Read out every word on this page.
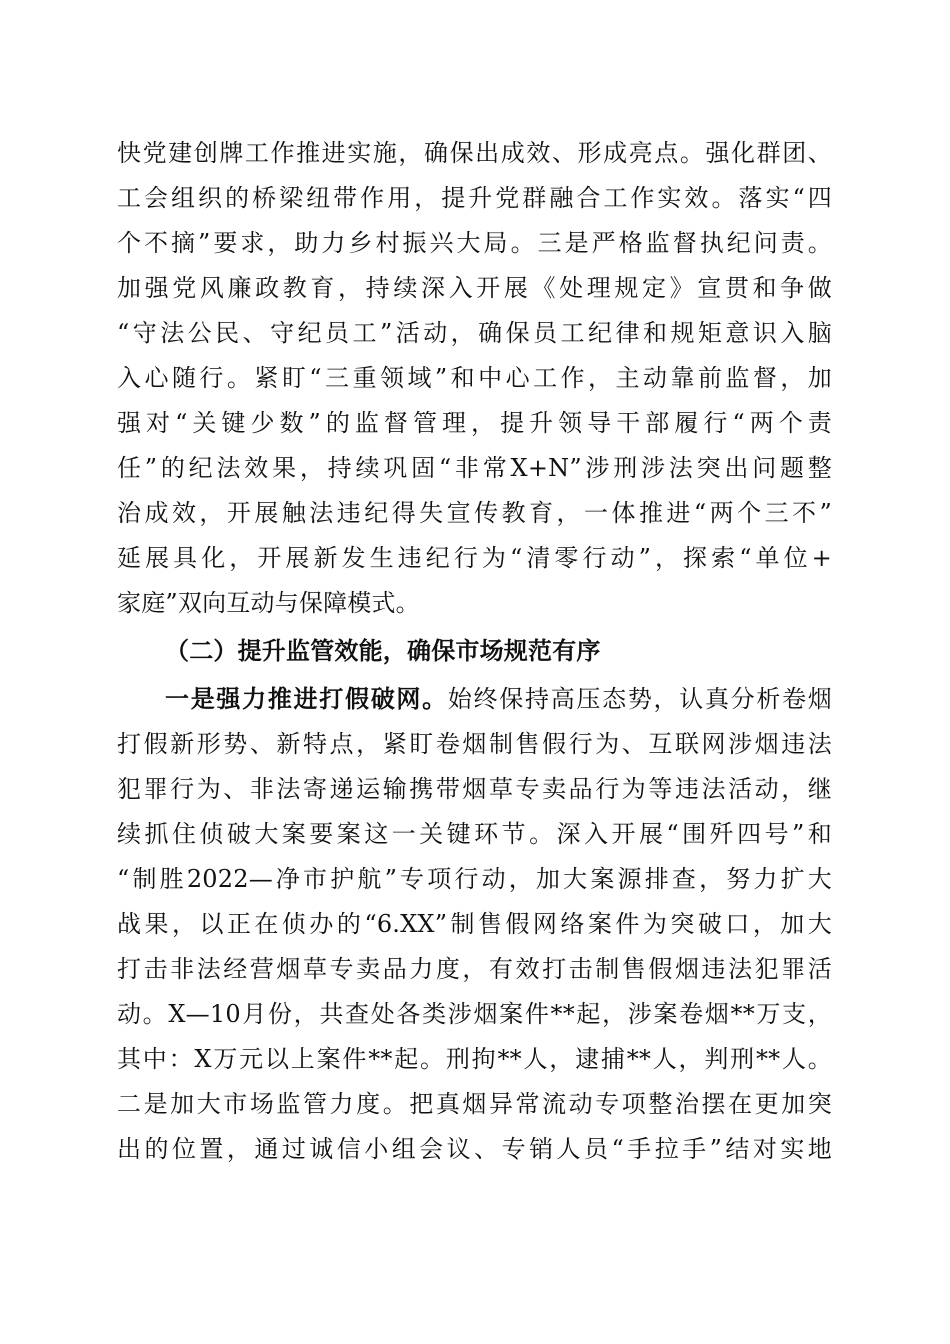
快党建创牌工作推进实施，确保出成效、形成亮点。强化群团、
工会组织的桥梁纽带作用，提升党群融合工作实效。落实“四
个不摘”要求，助力乡村振兴大局。三是严格监督执纪问责。
加强党风廉政教育，持续深入开展《处理规定》宣贯和争做
“守法公民、守纪员工”活动，确保员工纪律和规矩意识入脑
入心随行。紧盯“三重领域”和中心工作，主动靠前监督，加
强对“关键少数”的监督管理，提升领导干部履行“两个责
任”的纪法效果，持续巩固“非常X+N”涉刑涉法突出问题整
治成效，开展触法违纪得失宣传教育，一体推进“两个三不”
延展具化，开展新发生违纪行为“清零行动”，探索“单位+
家庭”双向互动与保障模式。
（二）提升监管效能，确保市场规范有序
一是强力推进打假破网。始终保持高压态势，认真分析卷烟
打假新形势、新特点，紧盯卷烟制售假行为、互联网涉烟违法
犯罪行为、非法寄递运输携带烟草专卖品行为等违法活动，继
续抓住侦破大案要案这一关键环节。深入开展“围歼四号”和
“制胜2022—净市护航”专项行动，加大案源排查，努力扩大
战果，以正在侦办的“6.XX”制售假网络案件为突破口，加大
打击非法经营烟草专卖品力度，有效打击制售假烟违法犯罪活
动。X—10月份，共查处各类涉烟案件**起，涉案卷烟**万支，
其中：X万元以上案件**起。刑拘**人，逮捕**人，判刑**人。
二是加大市场监管力度。把真烟异常流动专项整治摆在更加突
出的位置，通过诚信小组会议、专销人员“手拉手”结对实地
